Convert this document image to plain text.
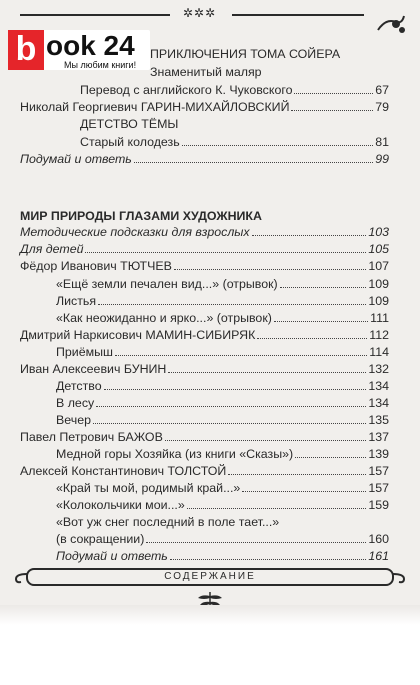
✲✲✲
ПРИКЛЮЧЕНИЯ ТОМА СОЙЕРА
Знаменитый маляр
Перевод с английского К. Чуковского	67
Николай Георгиевич ГАРИН-МИХАЙЛОВСКИЙ	79
ДЕТСТВО ТЁМЫ
Старый колодезь	81
Подумай и ответь	99
МИР ПРИРОДЫ ГЛАЗАМИ ХУДОЖНИКА
Методические подсказки для взрослых	103
Для детей	105
Фёдор Иванович ТЮТЧЕВ	107
«Ещё земли печален вид...» (отрывок)	109
Листья	109
«Как неожиданно и ярко...» (отрывок)	111
Дмитрий Наркисович МАМИН-СИБИРЯК	112
Приёмыш	114
Иван Алексеевич БУНИН	132
Детство	134
В лесу	134
Вечер	135
Павел Петрович БАЖОВ	137
Медной горы Хозяйка (из книги «Сказы»)	139
Алексей Константинович ТОЛСТОЙ	157
«Край ты мой, родимый край...»	157
«Колокольчики мои...»	159
«Вот уж снег последний в поле тает...»
(в сокращении)	160
Подумай и ответь	161
СОДЕРЖАНИЕ
b ook 24
Мы любим книги!
